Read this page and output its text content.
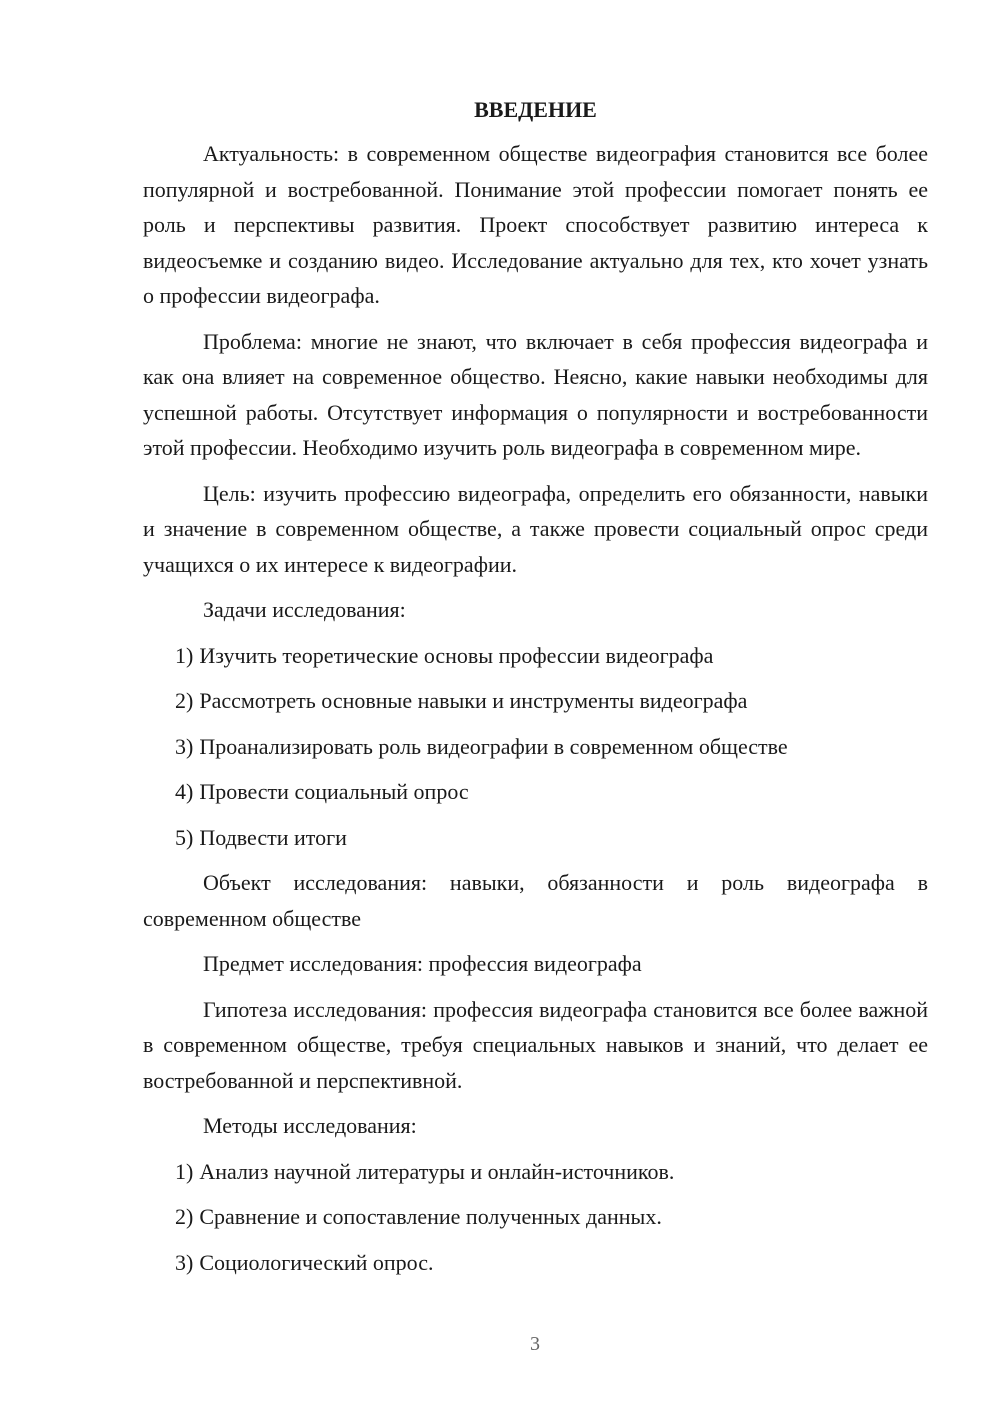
ВВЕДЕНИЕ

Актуальность: в современном обществе видеография становится все более популярной и востребованной. Понимание этой профессии помогает понять ее роль и перспективы развития. Проект способствует развитию интереса к видеосъемке и созданию видео. Исследование актуально для тех, кто хочет узнать о профессии видеографа.

Проблема: многие не знают, что включает в себя профессия видеографа и как она влияет на современное общество. Неясно, какие навыки необходимы для успешной работы. Отсутствует информация о популярности и востребованности этой профессии. Необходимо изучить роль видеографа в современном мире.

Цель: изучить профессию видеографа, определить его обязанности, навыки и значение в современном обществе, а также провести социальный опрос среди учащихся о их интересе к видеографии.

Задачи исследования:

1) Изучить теоретические основы профессии видеографа
2) Рассмотреть основные навыки и инструменты видеографа
3) Проанализировать роль видеографии в современном обществе
4) Провести социальный опрос
5) Подвести итоги

Объект исследования: навыки, обязанности и роль видеографа в современном обществе

Предмет исследования: профессия видеографа

Гипотеза исследования: профессия видеографа становится все более важной в современном обществе, требуя специальных навыков и знаний, что делает ее востребованной и перспективной.

Методы исследования:

1) Анализ научной литературы и онлайн-источников.
2) Сравнение и сопоставление полученных данных.
3) Социологический опрос.
3
